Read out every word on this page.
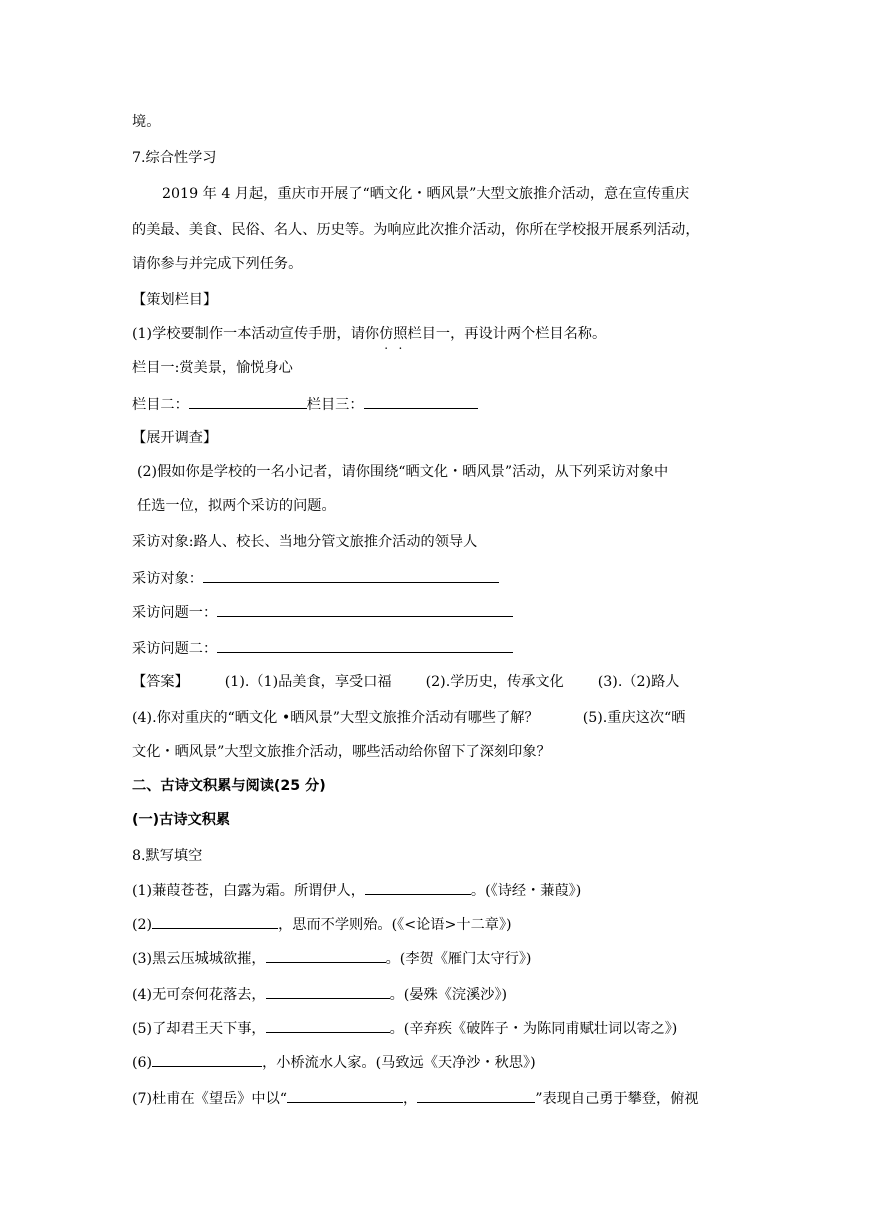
境。
7.综合性学习
2019 年 4 月起，重庆市开展了“晒文化・晒风景”大型文旅推介活动，意在宣传重庆
的美最、美食、民俗、名人、历史等。为响应此次推介活动，你所在学校报开展系列活动，
请你参与并完成下列任务。
【策划栏目】
(1)学校要制作一本活动宣传手册，请你仿照栏目一，再设计两个栏目名称。
栏目一:赏美景，愉悦身心
栏目二：	栏目三：
【展开调查】
(2)假如你是学校的一名小记者，请你围绕“晒文化・晒风景”活动，从下列采访对象中
任选一位，拟两个采访的问题。
采访对象:路人、校长、当地分管文旅推介活动的领导人
采访对象：
采访问题一：
采访问题二：
【答案】	(1).（1)品美食，享受口福 (2).学历史，传承文化 (3).（2)路人
(4).你对重庆的“晒文化 •晒风景”大型文旅推介活动有哪些了解？	(5).重庆这次“晒
文化・晒风景”大型文旅推介活动，哪些活动给你留下了深刻印象？
二、古诗文积累与阅读(25 分)
(一)古诗文积累
8.默写填空
(1)蒹葭苍苍，白露为霜。所谓伊人，	。(《诗经・蒹葭》)
(2)	，思而不学则殆。(《<论语>十二章》)
(3)黑云压城城欲摧，	。(李贺《雁门太守行》)
(4)无可奈何花落去，	。(晏殊《浣溪沙》)
(5)了却君王天下事，	。(辛弃疾《破阵子・为陈同甫赋壮词以寄之》)
(6)	，小桥流水人家。(马致远《天净沙・秋思》)
(7)杜甫在《望岳》中以“	，	”表现自己勇于攀登，俯视
